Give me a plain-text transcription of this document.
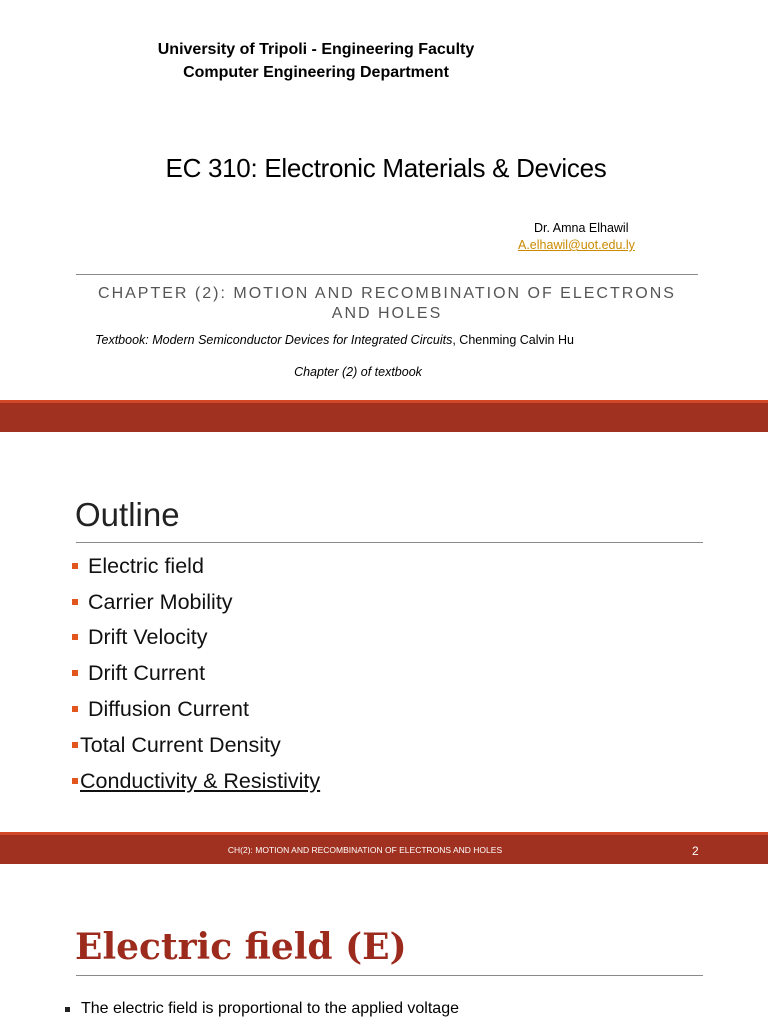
University of Tripoli - Engineering Faculty
Computer Engineering Department
EC 310: Electronic Materials & Devices
Dr. Amna Elhawil
A.elhawil@uot.edu.ly
CHAPTER (2): MOTION AND RECOMBINATION OF ELECTRONS AND HOLES
Textbook: Modern Semiconductor Devices for Integrated Circuits, Chenming Calvin Hu
Chapter (2) of textbook
Outline
Electric field
Carrier Mobility
Drift Velocity
Drift Current
Diffusion Current
Total Current Density
Conductivity & Resistivity
CH(2): MOTION AND RECOMBINATION OF ELECTRONS AND HOLES	2
Electric field (E)
The electric field is proportional to the applied voltage
